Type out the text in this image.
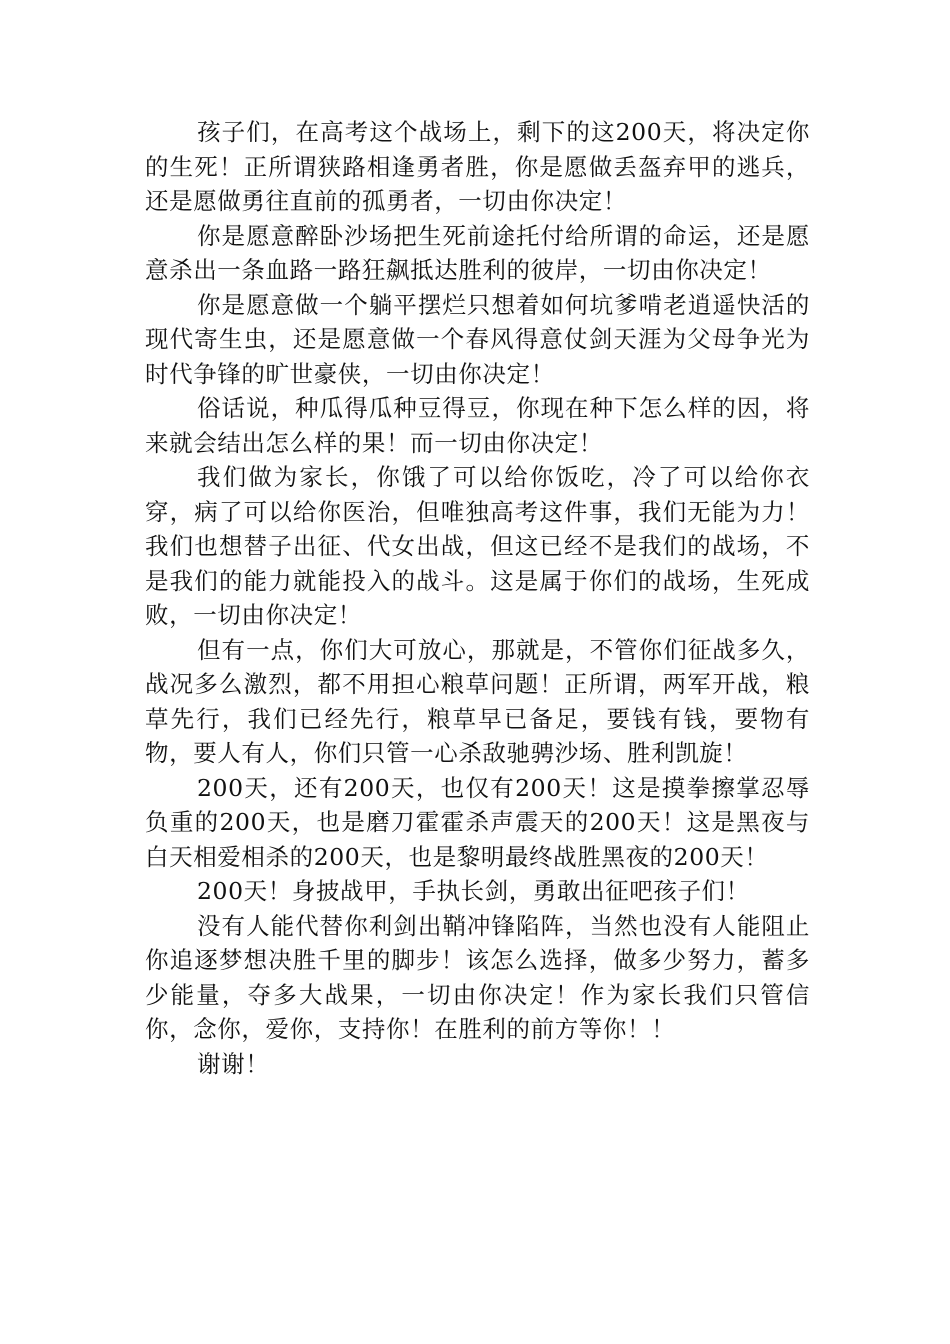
孩子们，在高考这个战场上，剩下的这200天，将决定你的生死！正所谓狭路相逢勇者胜，你是愿做丢盔弃甲的逃兵，还是愿做勇往直前的孤勇者，一切由你决定！

你是愿意醉卧沙场把生死前途托付给所谓的命运，还是愿意杀出一条血路一路狂飙抵达胜利的彼岸，一切由你决定！

你是愿意做一个躺平摆烂只想着如何坑爹啃老逍遥快活的现代寄生虫，还是愿意做一个春风得意仗剑天涯为父母争光为时代争锋的旷世豪侠，一切由你决定！

俗话说，种瓜得瓜种豆得豆，你现在种下怎么样的因，将来就会结出怎么样的果！而一切由你决定！

我们做为家长，你饿了可以给你饭吃，冷了可以给你衣穿，病了可以给你医治，但唯独高考这件事，我们无能为力！我们也想替子出征、代女出战，但这已经不是我们的战场，不是我们的能力就能投入的战斗。这是属于你们的战场，生死成败，一切由你决定！

但有一点，你们大可放心，那就是，不管你们征战多久，战况多么激烈，都不用担心粮草问题！正所谓，两军开战，粮草先行，我们已经先行，粮草早已备足，要钱有钱，要物有物，要人有人，你们只管一心杀敌驰骋沙场、胜利凯旋！

200天，还有200天，也仅有200天！这是摸拳擦掌忍辱负重的200天，也是磨刀霍霍杀声震天的200天！这是黑夜与白天相爱相杀的200天，也是黎明最终战胜黑夜的200天！

200天！身披战甲，手执长剑，勇敢出征吧孩子们！

没有人能代替你利剑出鞘冲锋陷阵，当然也没有人能阻止你追逐梦想决胜千里的脚步！该怎么选择，做多少努力，蓄多少能量，夺多大战果，一切由你决定！作为家长我们只管信你，念你，爱你，支持你！在胜利的前方等你！！

谢谢！
